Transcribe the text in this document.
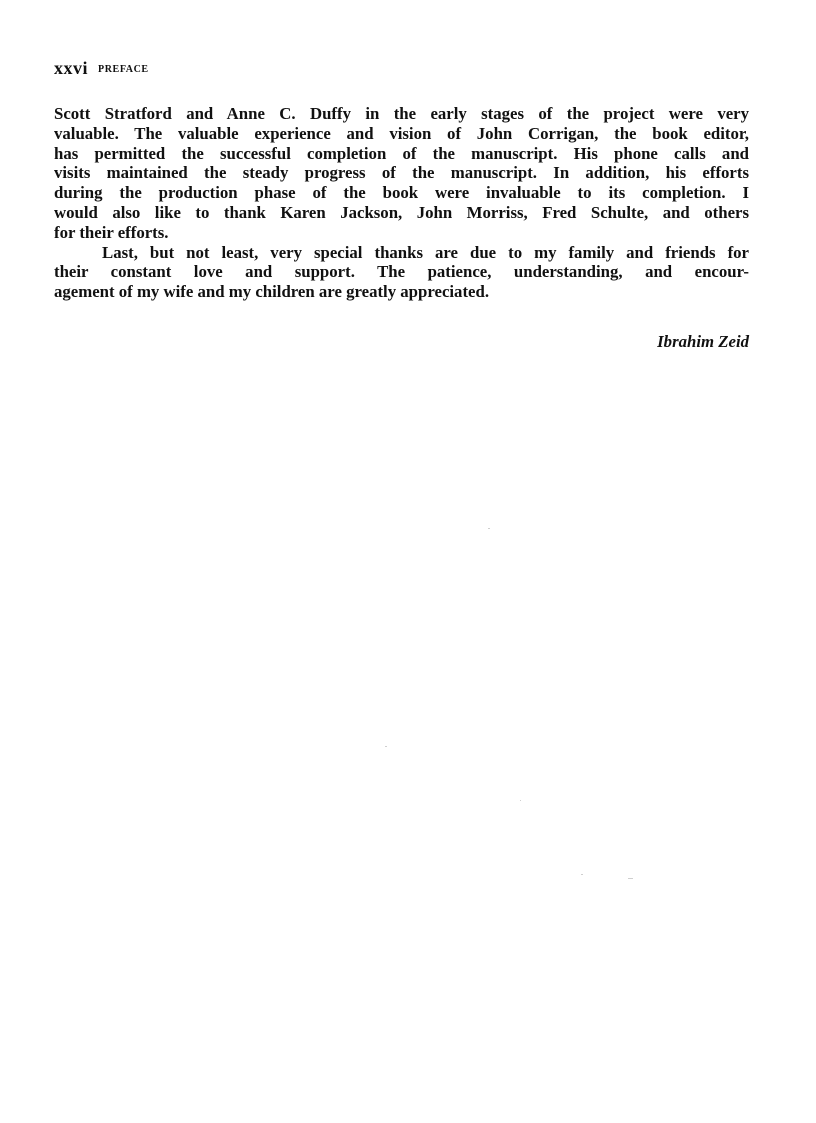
xxvi PREFACE
Scott Stratford and Anne C. Duffy in the early stages of the project were very
valuable. The valuable experience and vision of John Corrigan, the book editor,
has permitted the successful completion of the manuscript. His phone calls and
visits maintained the steady progress of the manuscript. In addition, his efforts
during the production phase of the book were invaluable to its completion. I
would also like to thank Karen Jackson, John Morriss, Fred Schulte, and others
for their efforts.
Last, but not least, very special thanks are due to my family and friends for
their constant love and support. The patience, understanding, and encour-
agement of my wife and my children are greatly appreciated.
Ibrahim Zeid
